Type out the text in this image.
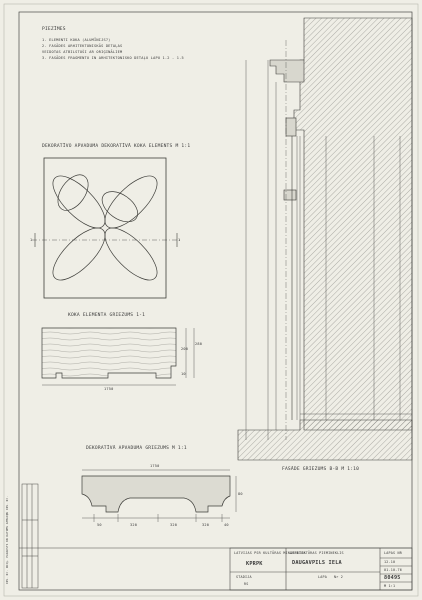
PIEZĪMES
1. ELEMENTI KOKA (ALUMĪNIJS?)
2. FASĀDES ARHITEKTONISKĀS DETAĻAS
VEIDOTAS ATBILSTOŠI AR ORIĢINĀLIEM
3. FASĀDES FRAGMENTU IN ARHITEKTONISKO DETAĻU LAPU 1.2 - 1.5
DEKORATĪVO APVADUMA DEKORATĪVĀ KOKA ELEMENTS M 1:1
KOKA ELEMENTA GRIEZUMS 1-1
DEKORATĪVĀ APVADUMA GRIEZUMS M 1:1
FASĀDE GRIEZUMS B-B M 1:10
1	1
1750
200
280
10
1750
80
50	320	320	320	40
LATVIJAS PSR KULTŪRAS MINISTRIJA
KPRPK
ARHITEKTŪRAS PIEMINEKLIS
DAUGAVPILS IELA
STADIJA
RS
LAPA Nr 2
LAPAS NR
12-10
01-10-76
80495
M 1:1
INV. Nr. ORIĢ. PARAKSTS UN DATUMS APMAIŅU INV. Nr.
